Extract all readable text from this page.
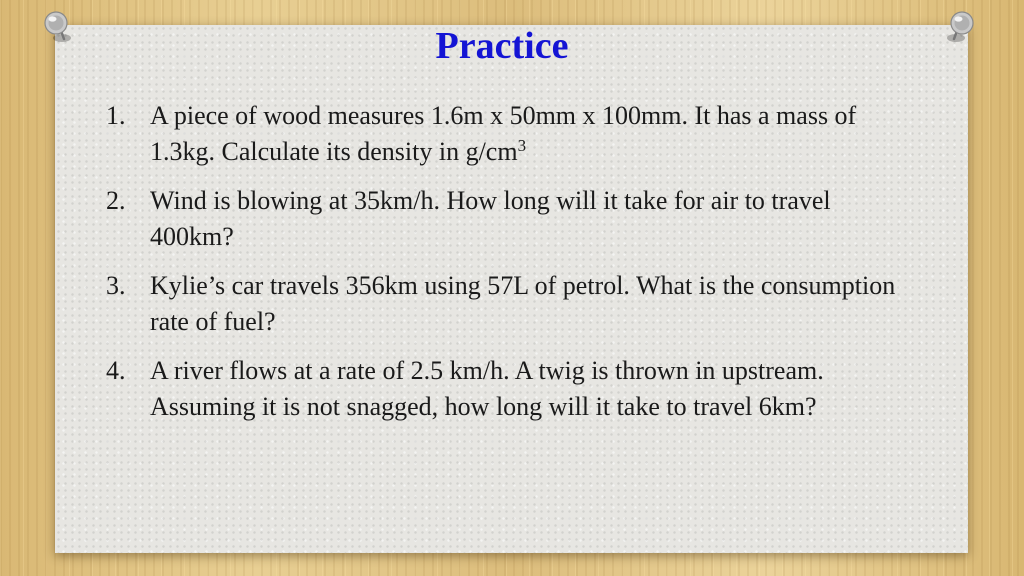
Practice
1. A piece of wood measures 1.6m x 50mm x 100mm. It has a mass of 1.3kg. Calculate its density in $g/cm^3$
2. Wind is blowing at 35km/h. How long will it take for air to travel 400km?
3. Kylie’s car travels 356km using 57L of petrol. What is the consumption rate of fuel?
4. A river flows at a rate of 2.5 km/h. A twig is thrown in upstream. Assuming it is not snagged, how long will it take to travel 6km?
